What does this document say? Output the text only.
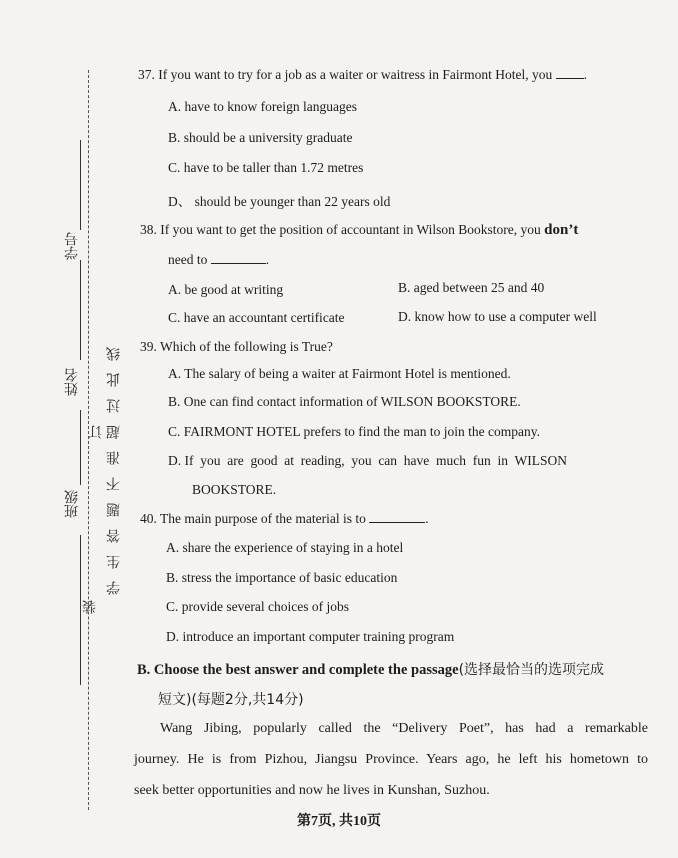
学号
姓名
班级
装
订 学生答题不准超过此线
37. If you want to try for a job as a waiter or waitress in Fairmont Hotel, you .
A. have to know foreign languages
B. should be a university graduate
C. have to be taller than 1.72 metres
D、 should be younger than 22 years old
38. If you want to get the position of accountant in Wilson Bookstore, you don’t
need to	.
A. be good at writing	B. aged between 25 and 40
C. have an accountant certificate	D. know how to use a computer well
39. Which of the following is True?
A. The salary of being a waiter at Fairmont Hotel is mentioned.
B. One can find contact information of WILSON BOOKSTORE.
C. FAIRMONT HOTEL prefers to find the man to join the company.
D. If  you  are  good  at  reading,  you  can  have  much  fun  in  WILSON
BOOKSTORE.
40. The main purpose of the material is to	.
A. share the experience of staying in a hotel
B. stress the importance of basic education
C. provide several choices of jobs
D. introduce an important computer training program
B. Choose the best answer and complete the passage(选择最恰当的选项完成
短文)(每题2分,共14分)
Wang Jibing, popularly called the “Delivery Poet”, has had a remarkable
journey. He is from Pizhou, Jiangsu Province. Years ago, he left his hometown to
seek better opportunities and now he lives in Kunshan, Suzhou.
第7页, 共10页
